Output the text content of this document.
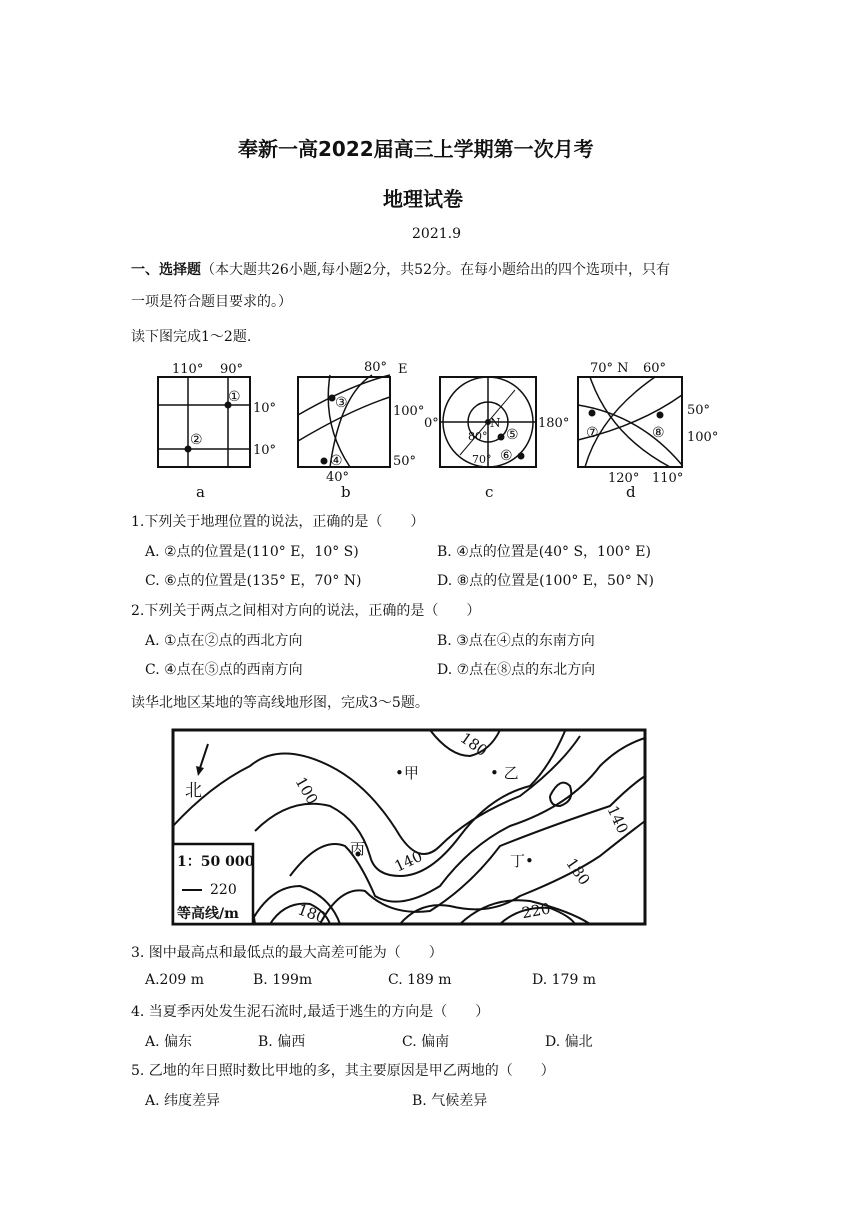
奉新一高2022届高三上学期第一次月考
地理试卷
2021.9
一、选择题（本大题共26小题,每小题2分，共52分。在每小题给出的四个选项中，只有
一项是符合题目要求的。）
读下图完成1～2题.
110° 90°
10°
10°
①
②
a
80° E
100°
50°
40°
③
④
b
0°	180°
N
80°
70°
⑤
⑥
c
70° N 60°
50°
100°
120° 110°
⑦	⑧
d
1.下列关于地理位置的说法，正确的是（　　）
A. ②点的位置是(110° E，10° S)	B. ④点的位置是(40° S，100° E)
C. ⑥点的位置是(135° E，70° N)	D. ⑧点的位置是(100° E，50° N)
2.下列关于两点之间相对方向的说法，正确的是（　　）
A. ①点在②点的西北方向	B. ③点在④点的东南方向
C. ④点在⑤点的西南方向	D. ⑦点在⑧点的东北方向
读华北地区某地的等高线地形图，完成3～5题。
北	100
180
140
140	180
180	220
•甲	• 乙
丙
丁•
1：50 000
220
等高线/m
3. 图中最高点和最低点的最大高差可能为（　　）
A.209 m	B. 199m	C. 189 m	D. 179 m
4. 当夏季丙处发生泥石流时,最适于逃生的方向是（　　）
A. 偏东	B. 偏西	C. 偏南	D. 偏北
5. 乙地的年日照时数比甲地的多，其主要原因是甲乙两地的（　　）
A. 纬度差异	B. 气候差异
